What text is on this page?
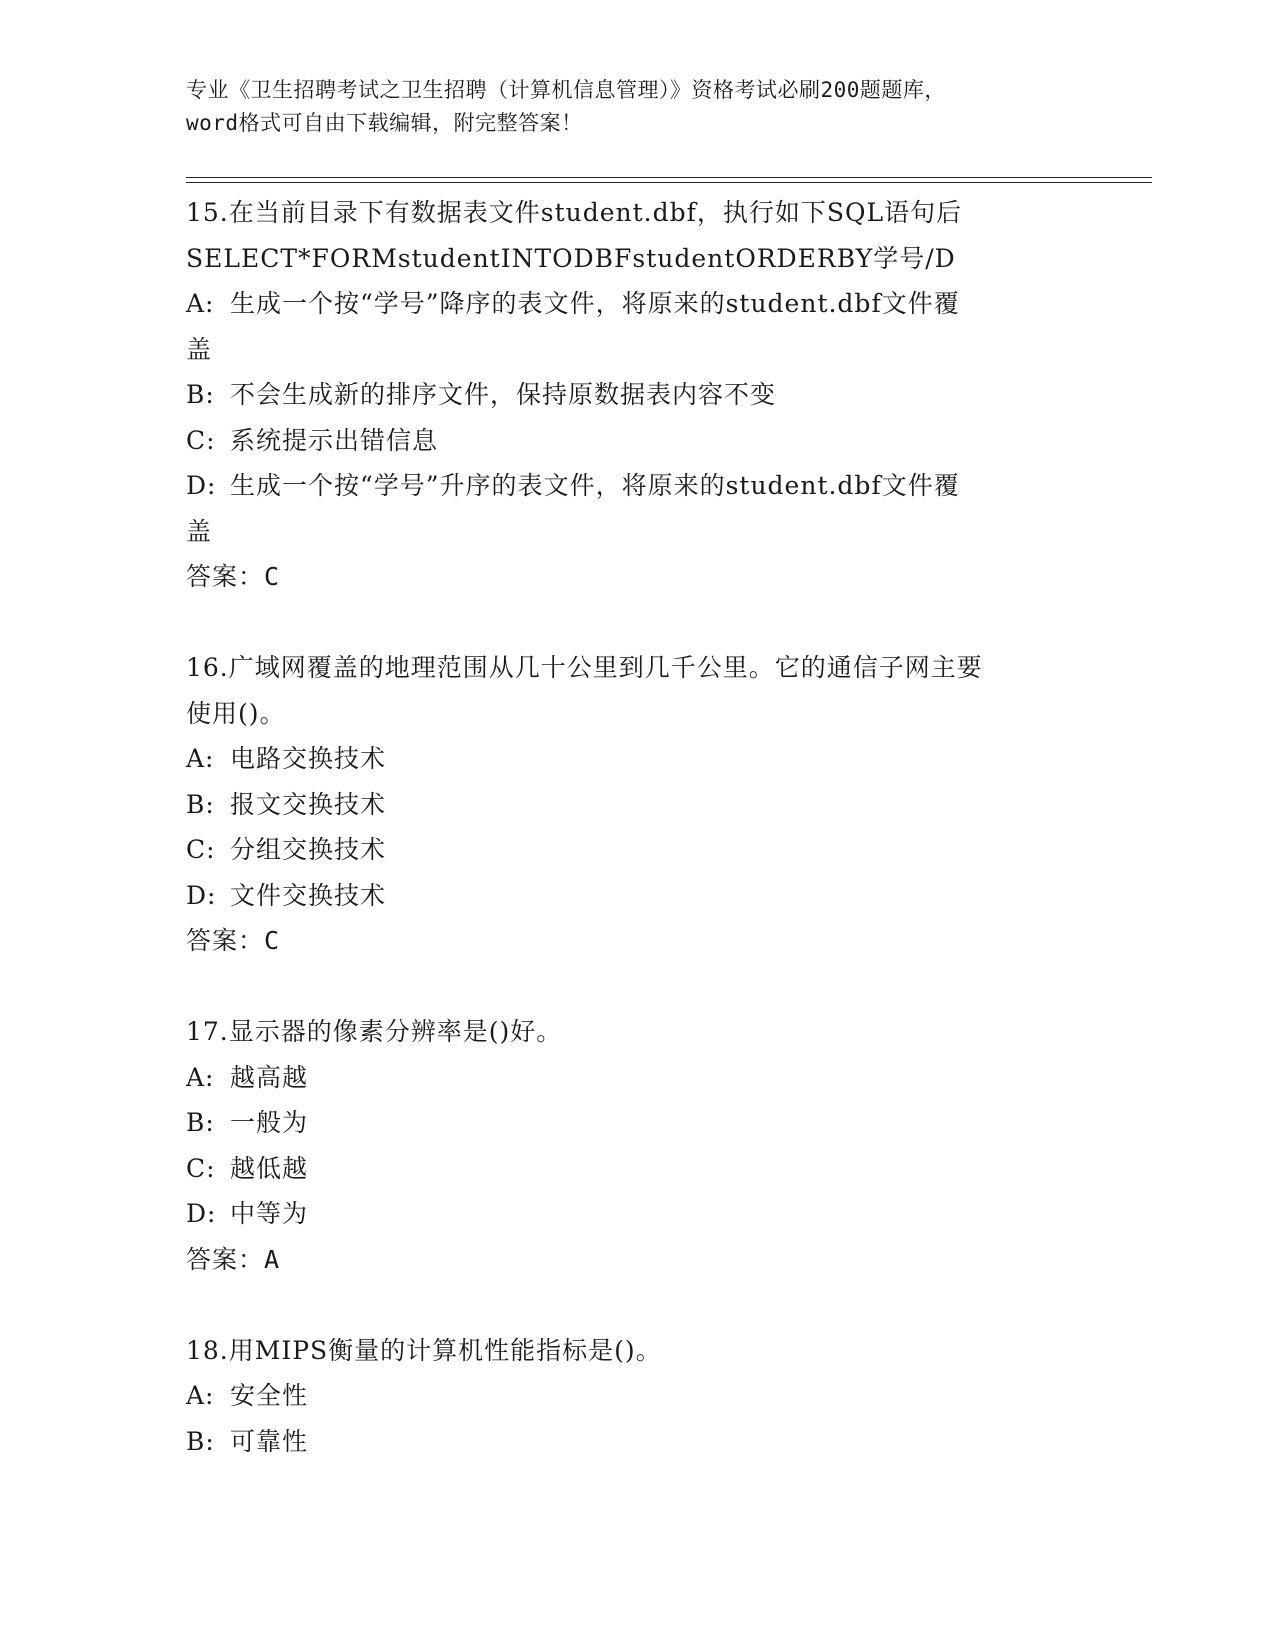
专业《卫生招聘考试之卫生招聘（计算机信息管理）》资格考试必刷200题题库，
word格式可自由下载编辑，附完整答案！
15.在当前目录下有数据表文件student.dbf，执行如下SQL语句后
SELECT*FORMstudentINTODBFstudentORDERBY学号/D
A: 生成一个按“学号”降序的表文件，将原来的student.dbf文件覆
盖
B: 不会生成新的排序文件，保持原数据表内容不变
C: 系统提示出错信息
D: 生成一个按“学号”升序的表文件，将原来的student.dbf文件覆
盖
答案：C
16.广域网覆盖的地理范围从几十公里到几千公里。它的通信子网主要
使用()。
A: 电路交换技术
B: 报文交换技术
C: 分组交换技术
D: 文件交换技术
答案：C
17.显示器的像素分辨率是()好。
A: 越高越
B: 一般为
C: 越低越
D: 中等为
答案：A
18.用MIPS衡量的计算机性能指标是()。
A: 安全性
B: 可靠性
